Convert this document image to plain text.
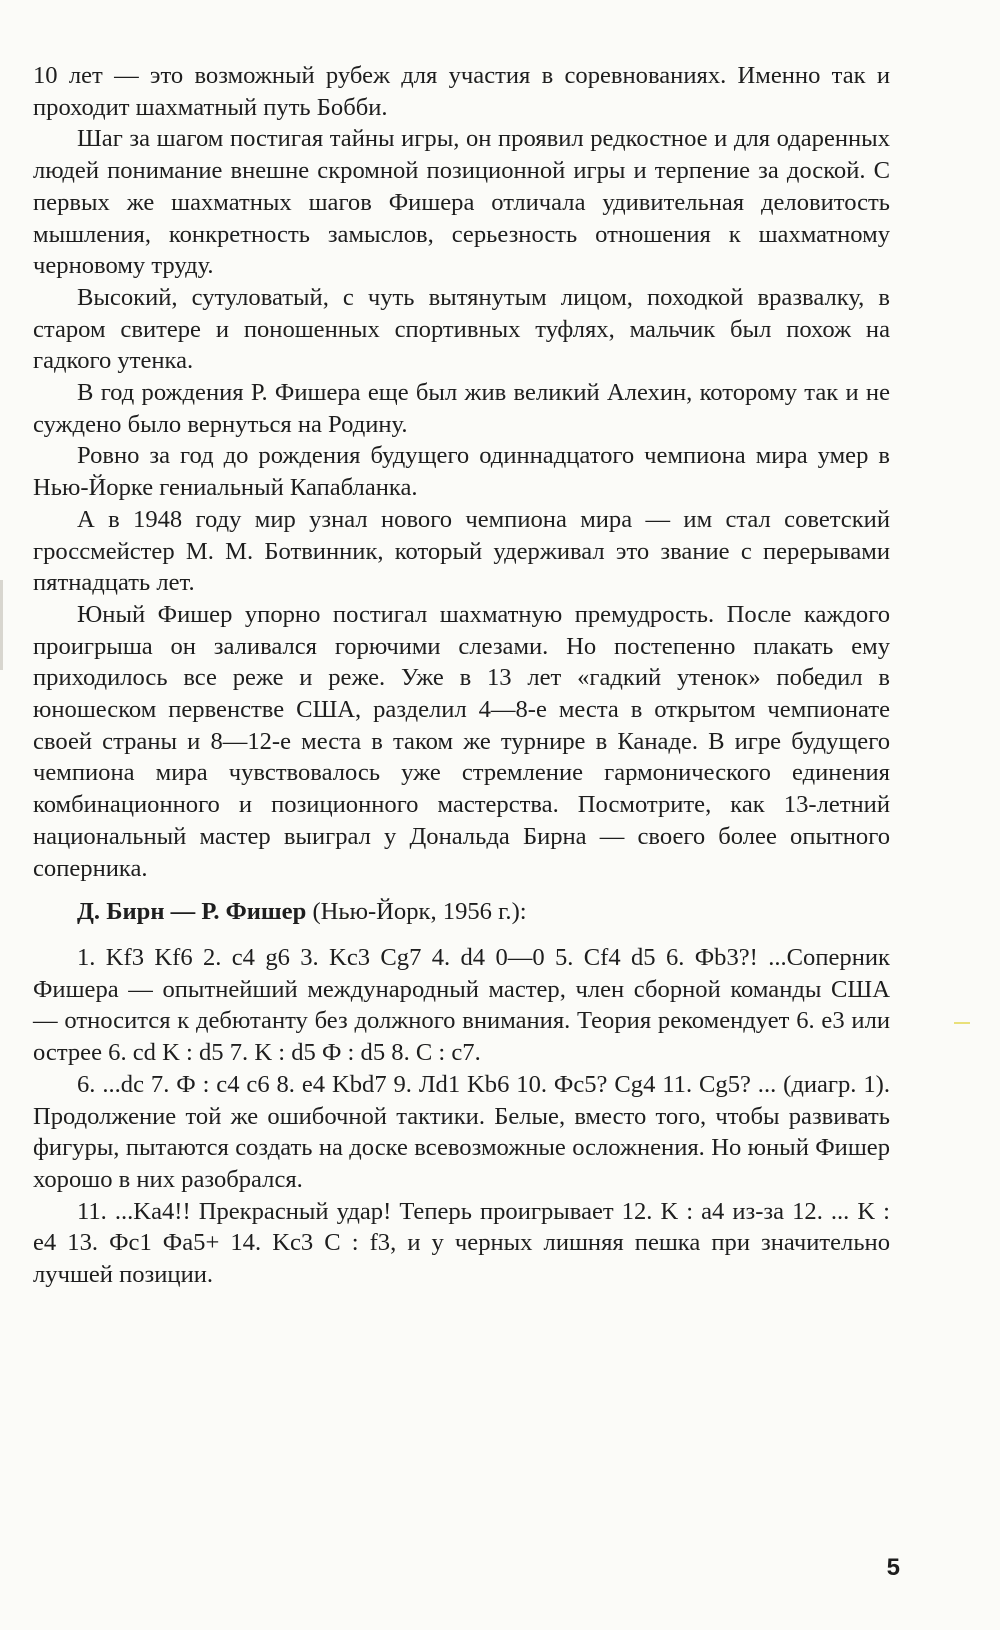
10 лет — это возможный рубеж для участия в соревнованиях. Именно так и проходит шахматный путь Бобби.

Шаг за шагом постигая тайны игры, он проявил редкостное и для одаренных людей понимание внешне скромной позиционной игры и терпение за доской. С первых же шахматных шагов Фишера отличала удивительная деловитость мышления, конкретность замыслов, серьезность отношения к шахматному черновому труду.

Высокий, сутуловатый, с чуть вытянутым лицом, походкой вразвалку, в старом свитере и поношенных спортивных туфлях, мальчик был похож на гадкого утенка.

В год рождения Р. Фишера еще был жив великий Алехин, которому так и не суждено было вернуться на Родину.

Ровно за год до рождения будущего одиннадцатого чемпиона мира умер в Нью-Йорке гениальный Капабланка.

А в 1948 году мир узнал нового чемпиона мира — им стал советский гроссмейстер М. М. Ботвинник, который удерживал это звание с перерывами пятнадцать лет.

Юный Фишер упорно постигал шахматную премудрость. После каждого проигрыша он заливался горючими слезами. Но постепенно плакать ему приходилось все реже и реже. Уже в 13 лет «гадкий утенок» победил в юношеском первенстве США, разделил 4—8-е места в открытом чемпионате своей страны и 8—12-е места в таком же турнире в Канаде. В игре будущего чемпиона мира чувствовалось уже стремление гармонического единения комбинационного и позиционного мастерства. Посмотрите, как 13-летний национальный мастер выиграл у Дональда Бирна — своего более опытного соперника.

Д. Бирн — Р. Фишер (Нью-Йорк, 1956 г.):

1. Kf3 Kf6 2. c4 g6 3. Kc3 Cg7 4. d4 0—0 5. Cf4 d5 6. Фb3?! ...Соперник Фишера — опытнейший международный мастер, член сборной команды США — относится к дебютанту без должного внимания. Теория рекомендует 6. e3 или острее 6. cd K : d5 7. K : d5 Ф : d5 8. C : c7.

6. ...dc 7. Ф : c4 c6 8. e4 Kbd7 9. Лd1 Kb6 10. Фc5? Cg4 11. Cg5? ... (диагр. 1). Продолжение той же ошибочной тактики. Белые, вместо того, чтобы развивать фигуры, пытаются создать на доске всевозможные осложнения. Но юный Фишер хорошо в них разобрался.

11. ...Ka4!! Прекрасный удар! Теперь проигрывает 12. K : a4 из-за 12. ... K : e4 13. Фc1 Фa5+ 14. Kc3 C : f3, и у черных лишняя пешка при значительно лучшей позиции.

5
